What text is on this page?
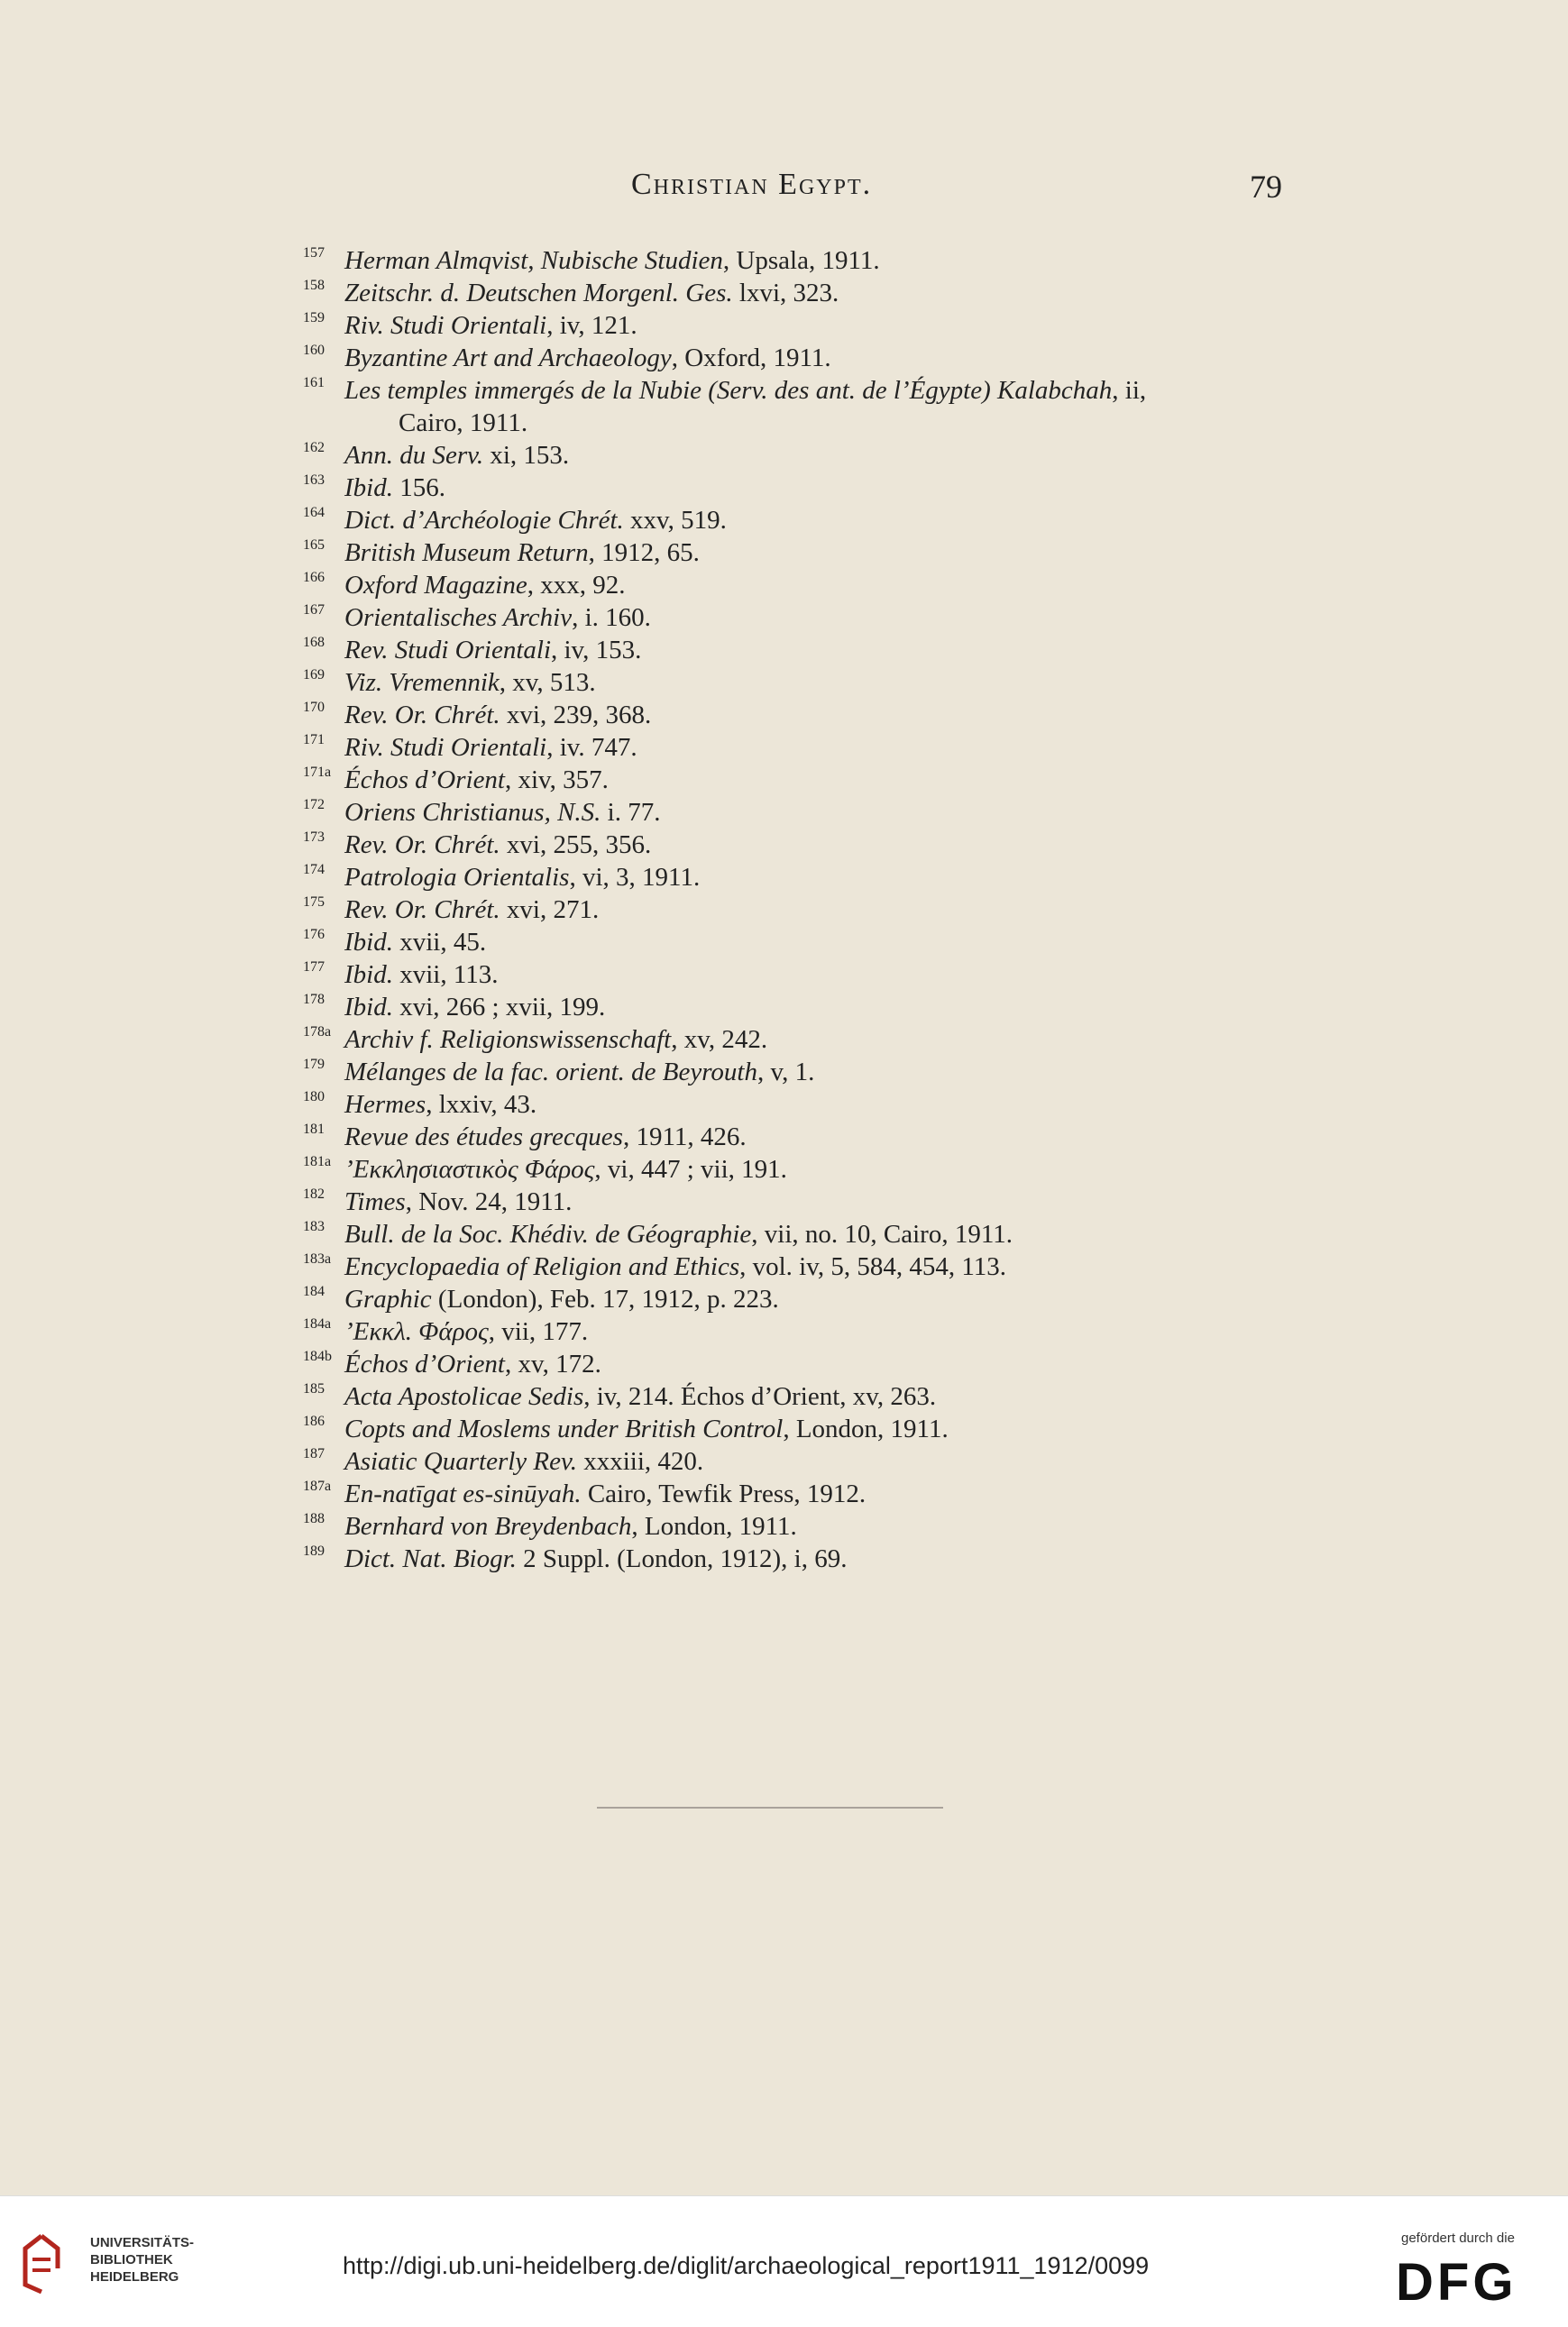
Christian Egypt.	79
157 Herman Almqvist, Nubische Studien, Upsala, 1911.
158 Zeitschr. d. Deutschen Morgenl. Ges. lxvi, 323.
159 Riv. Studi Orientali, iv, 121.
160 Byzantine Art and Archaeology, Oxford, 1911.
161 Les temples immergés de la Nubie (Serv. des ant. de l’Égypte) Kalabchah, ii,
Cairo, 1911.
162 Ann. du Serv. xi, 153.
163 Ibid. 156.
164 Dict. d’Archéologie Chrét. xxv, 519.
165 British Museum Return, 1912, 65.
166 Oxford Magazine, xxx, 92.
167 Orientalisches Archiv, i. 160.
168 Rev. Studi Orientali, iv, 153.
169 Viz. Vremennik, xv, 513.
170 Rev. Or. Chrét. xvi, 239, 368.
171 Riv. Studi Orientali, iv. 747.
171a Échos d’Orient, xiv, 357.
172 Oriens Christianus, N.S. i. 77.
173 Rev. Or. Chrét. xvi, 255, 356.
174 Patrologia Orientalis, vi, 3, 1911.
175 Rev. Or. Chrét. xvi, 271.
176 Ibid. xvii, 45.
177 Ibid. xvii, 113.
178 Ibid. xvi, 266 ; xvii, 199.
178a Archiv f. Religionswissenschaft, xv, 242.
179 Mélanges de la fac. orient. de Beyrouth, v, 1.
180 Hermes, lxxiv, 43.
181 Revue des études grecques, 1911, 426.
181a ’Εκκλησιαστικὸς Φάρος, vi, 447 ; vii, 191.
182 Times, Nov. 24, 1911.
183 Bull. de la Soc. Khédiv. de Géographie, vii, no. 10, Cairo, 1911.
183a Encyclopaedia of Religion and Ethics, vol. iv, 5, 584, 454, 113.
184 Graphic (London), Feb. 17, 1912, p. 223.
184a ’Εκκλ. Φάρος, vii, 177.
184b Échos d’Orient, xv, 172.
185 Acta Apostolicae Sedis, iv, 214. Échos d’Orient, xv, 263.
186 Copts and Moslems under British Control, London, 1911.
187 Asiatic Quarterly Rev. xxxiii, 420.
187a En-natīgat es-sinūyah. Cairo, Tewfik Press, 1912.
188 Bernhard von Breydenbach, London, 1911.
189 Dict. Nat. Biogr. 2 Suppl. (London, 1912), i, 69.
UNIVERSITÄTS-
BIBLIOTHEK
HEIDELBERG	http://digi.ub.uni-heidelberg.de/diglit/archaeological_report1911_1912/0099
gefördert durch die
DFG
